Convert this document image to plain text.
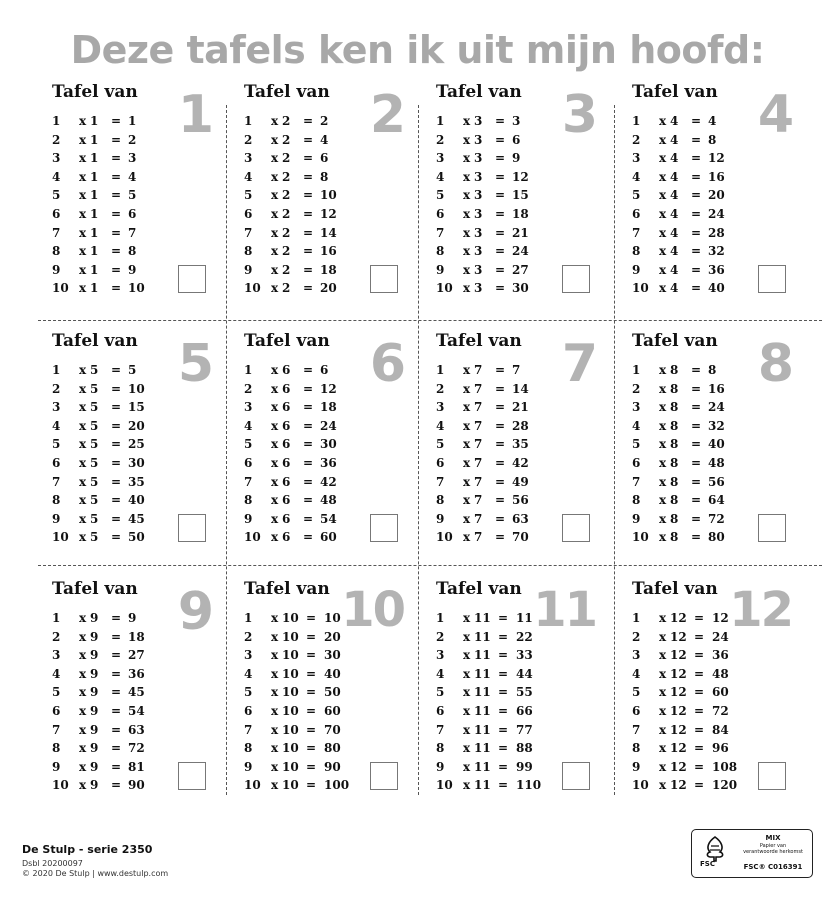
Deze tafels ken ik uit mijn hoofd:
Tafel van 1
1 x 1 = 1
2 x 1 = 2
3 x 1 = 3
4 x 1 = 4
5 x 1 = 5
6 x 1 = 6
7 x 1 = 7
8 x 1 = 8
9 x 1 = 9
10 x 1 = 10
Tafel van 2
1 x 2 = 2
2 x 2 = 4
3 x 2 = 6
4 x 2 = 8
5 x 2 = 10
6 x 2 = 12
7 x 2 = 14
8 x 2 = 16
9 x 2 = 18
10 x 2 = 20
Tafel van 3
1 x 3 = 3
2 x 3 = 6
3 x 3 = 9
4 x 3 = 12
5 x 3 = 15
6 x 3 = 18
7 x 3 = 21
8 x 3 = 24
9 x 3 = 27
10 x 3 = 30
Tafel van 4
1 x 4 = 4
2 x 4 = 8
3 x 4 = 12
4 x 4 = 16
5 x 4 = 20
6 x 4 = 24
7 x 4 = 28
8 x 4 = 32
9 x 4 = 36
10 x 4 = 40
Tafel van 5
1 x 5 = 5
2 x 5 = 10
3 x 5 = 15
4 x 5 = 20
5 x 5 = 25
6 x 5 = 30
7 x 5 = 35
8 x 5 = 40
9 x 5 = 45
10 x 5 = 50
Tafel van 6
1 x 6 = 6
2 x 6 = 12
3 x 6 = 18
4 x 6 = 24
5 x 6 = 30
6 x 6 = 36
7 x 6 = 42
8 x 6 = 48
9 x 6 = 54
10 x 6 = 60
Tafel van 7
1 x 7 = 7
2 x 7 = 14
3 x 7 = 21
4 x 7 = 28
5 x 7 = 35
6 x 7 = 42
7 x 7 = 49
8 x 7 = 56
9 x 7 = 63
10 x 7 = 70
Tafel van 8
1 x 8 = 8
2 x 8 = 16
3 x 8 = 24
4 x 8 = 32
5 x 8 = 40
6 x 8 = 48
7 x 8 = 56
8 x 8 = 64
9 x 8 = 72
10 x 8 = 80
Tafel van 9
1 x 9 = 9
2 x 9 = 18
3 x 9 = 27
4 x 9 = 36
5 x 9 = 45
6 x 9 = 54
7 x 9 = 63
8 x 9 = 72
9 x 9 = 81
10 x 9 = 90
Tafel van 10
1 x 10 = 10
2 x 10 = 20
3 x 10 = 30
4 x 10 = 40
5 x 10 = 50
6 x 10 = 60
7 x 10 = 70
8 x 10 = 80
9 x 10 = 90
10 x 10 = 100
Tafel van 11
1 x 11 = 11
2 x 11 = 22
3 x 11 = 33
4 x 11 = 44
5 x 11 = 55
6 x 11 = 66
7 x 11 = 77
8 x 11 = 88
9 x 11 = 99
10 x 11 = 110
Tafel van 12
1 x 12 = 12
2 x 12 = 24
3 x 12 = 36
4 x 12 = 48
5 x 12 = 60
6 x 12 = 72
7 x 12 = 84
8 x 12 = 96
9 x 12 = 108
10 x 12 = 120
De Stulp - serie 2350
Dsbl 20200097
© 2020 De Stulp | www.destulp.com
FSC
MIX
Papier van
verantwoorde herkomst
FSC® C016391
